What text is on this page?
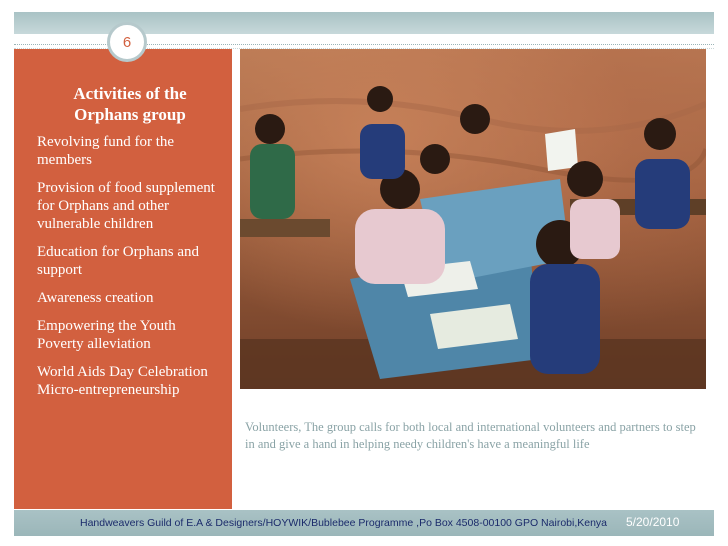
6
Activities of the Orphans group
Revolving fund for the members
Provision of food supplement for Orphans and other vulnerable children
Education for Orphans and support
Awareness creation
Empowering the Youth Poverty alleviation
World Aids Day Celebration Micro-entrepreneurship

Volunteers, The group calls for both local and international volunteers and partners to step in and give a hand in helping needy children's have a meaningful life

Handweavers Guild of E.A & Designers/HOYWIK/Bublebee Programme ,Po Box 4508-00100 GPO Nairobi,Kenya 5/20/2010
